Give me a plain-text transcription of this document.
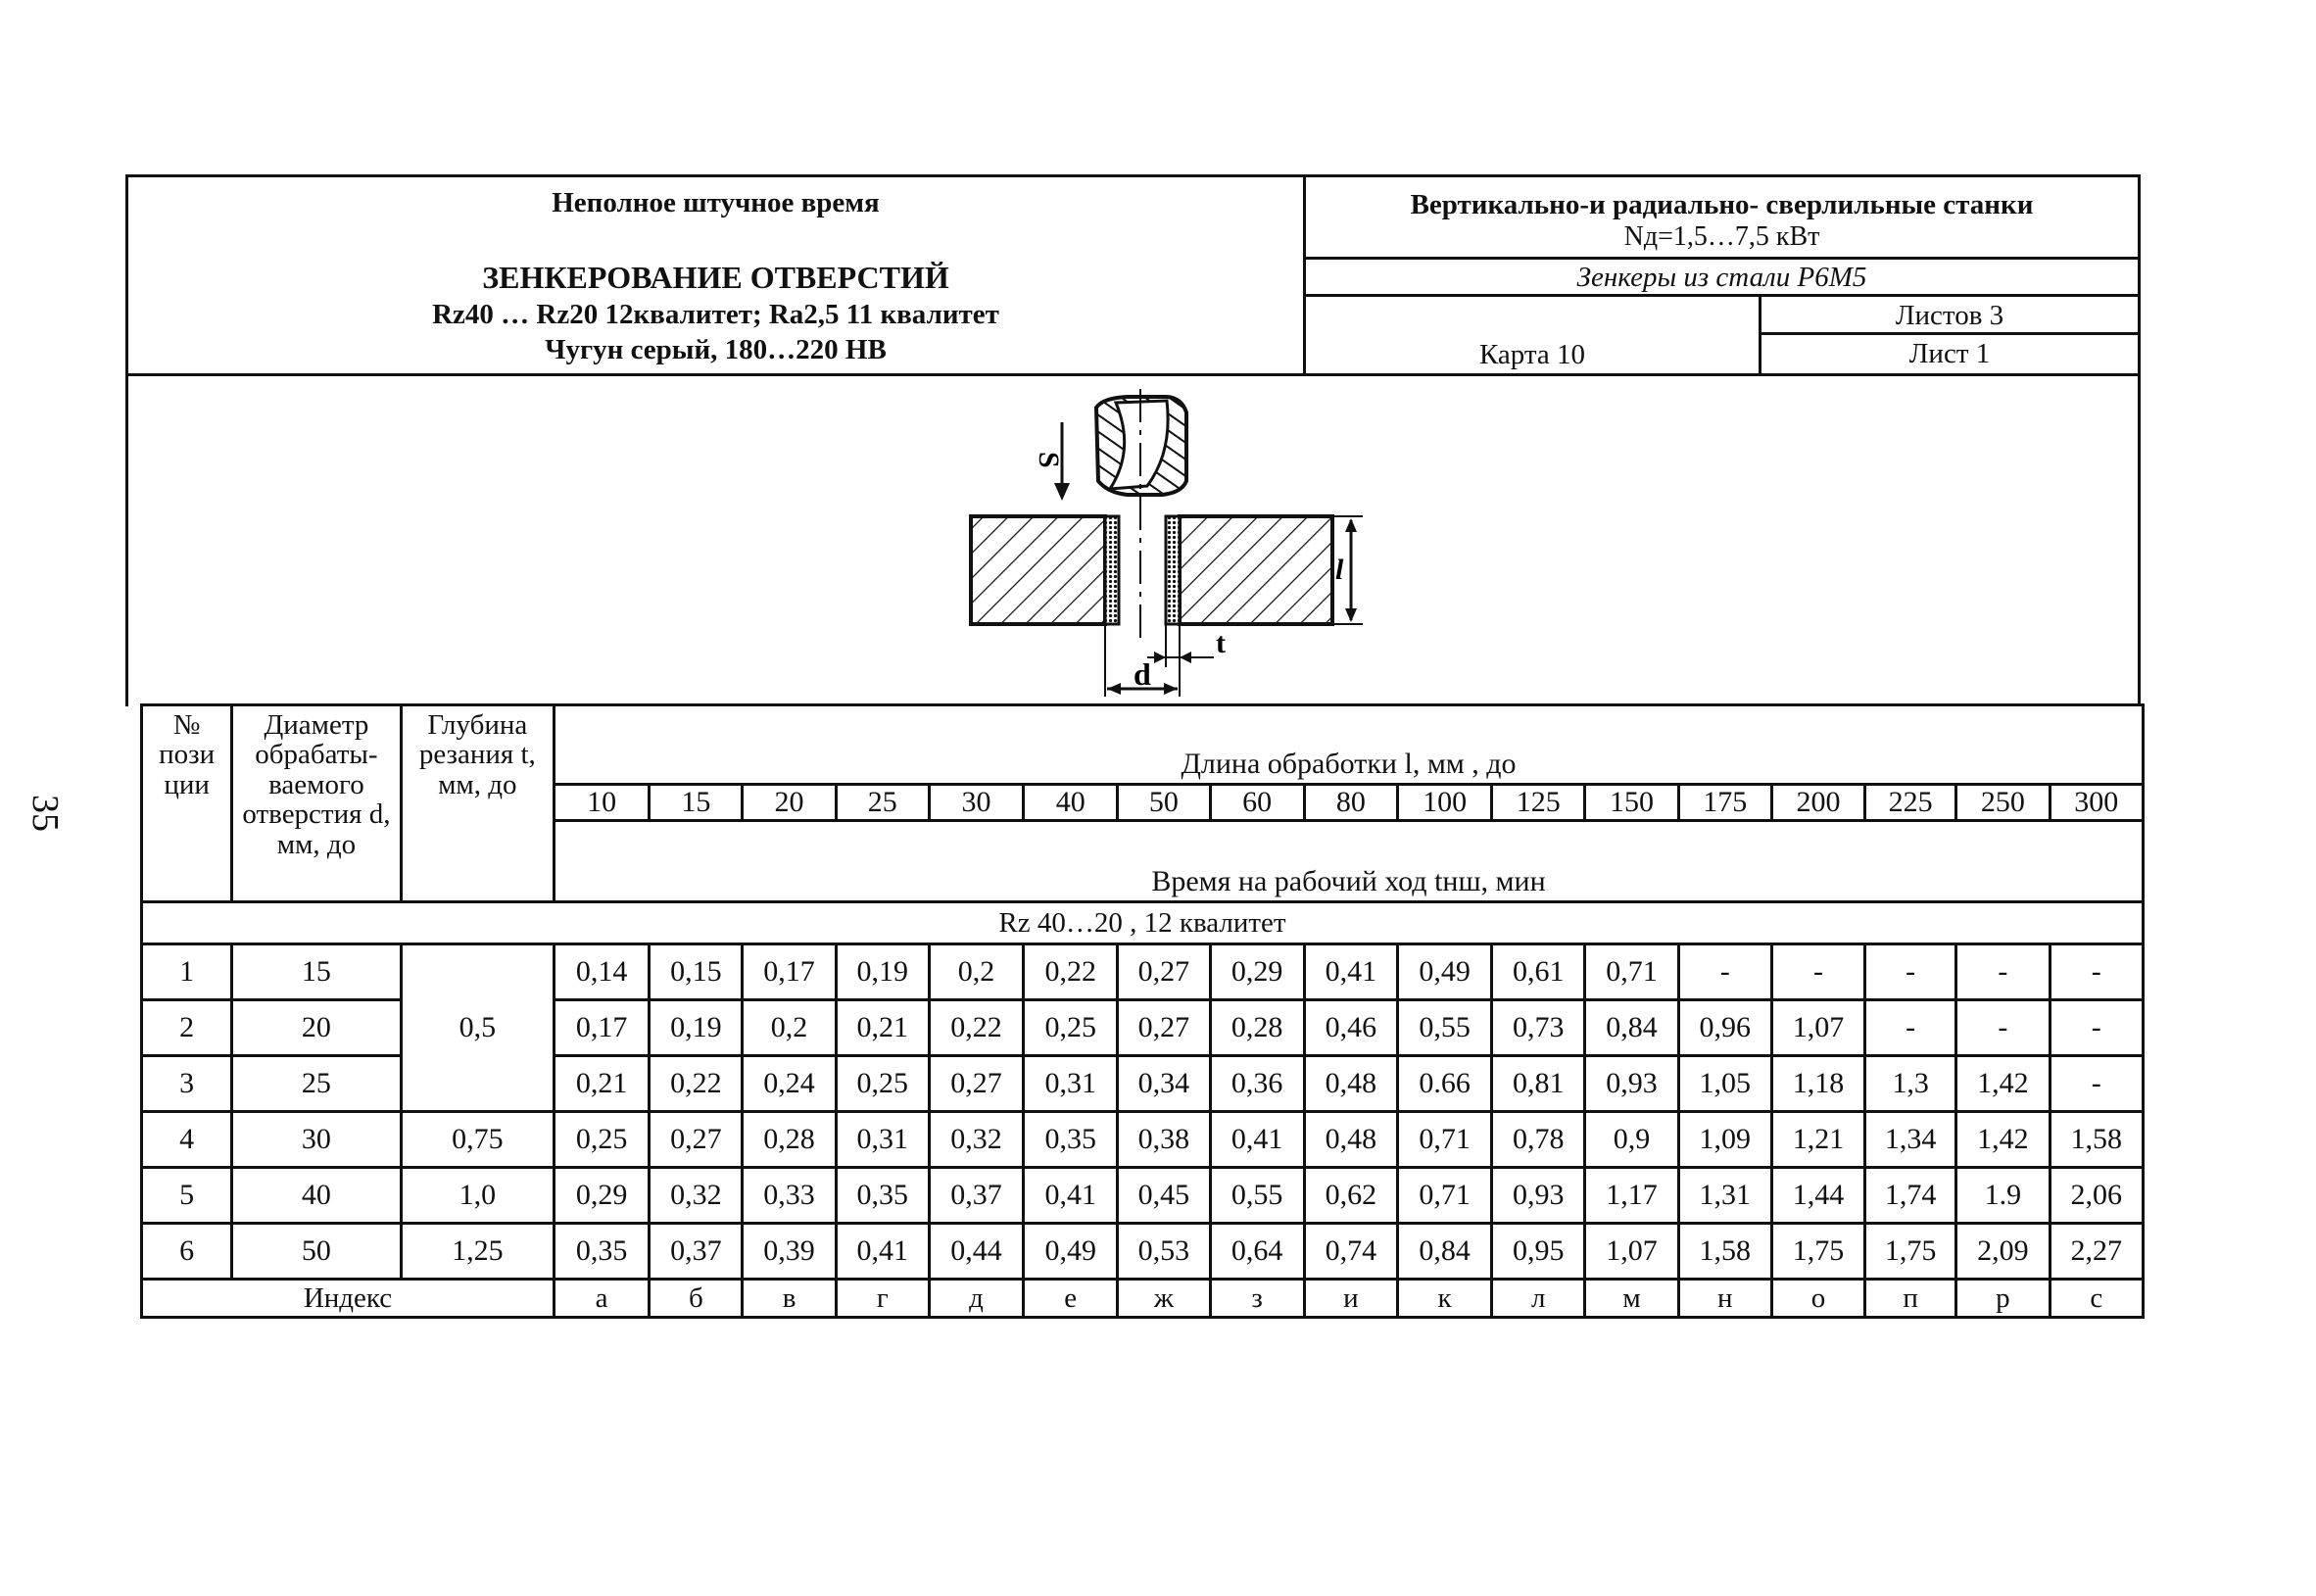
35
Неполное штучное время
ЗЕНКЕРОВАНИЕ ОТВЕРСТИЙ
Rz40 … Rz20 12квалитет; Ra2,5 11 квалитет
Чугун серый, 180…220 НВ
Вертикально-и радиально- сверлильные станки
Nд=1,5…7,5 кВт
Зенкеры из стали Р6М5
Карта 10
Листов 3
Лист 1
S
l
d
t
№ пози ции	Диаметр обрабаты-ваемого отверстия d, мм, до	Глубина резания t, мм, до	Длина обработки l, мм , до																
			10	15	20	25	30	40	50	60	80	100	125	150	175	200	225	250	300
			Время на рабочий ход tнш, мин																
Rz 40…20 , 12 квалитет																			
1	15	0,5	0,14	0,15	0,17	0,19	0,2	0,22	0,27	0,29	0,41	0,49	0,61	0,71	-	-	-	-	-
2	20		0,17	0,19	0,2	0,21	0,22	0,25	0,27	0,28	0,46	0,55	0,73	0,84	0,96	1,07	-	-	-
3	25		0,21	0,22	0,24	0,25	0,27	0,31	0,34	0,36	0,48	0.66	0,81	0,93	1,05	1,18	1,3	1,42	-
4	30	0,75	0,25	0,27	0,28	0,31	0,32	0,35	0,38	0,41	0,48	0,71	0,78	0,9	1,09	1,21	1,34	1,42	1,58
5	40	1,0	0,29	0,32	0,33	0,35	0,37	0,41	0,45	0,55	0,62	0,71	0,93	1,17	1,31	1,44	1,74	1.9	2,06
6	50	1,25	0,35	0,37	0,39	0,41	0,44	0,49	0,53	0,64	0,74	0,84	0,95	1,07	1,58	1,75	1,75	2,09	2,27
Индекс			а	б	в	г	д	е	ж	з	и	к	л	м	н	о	п	р	с
